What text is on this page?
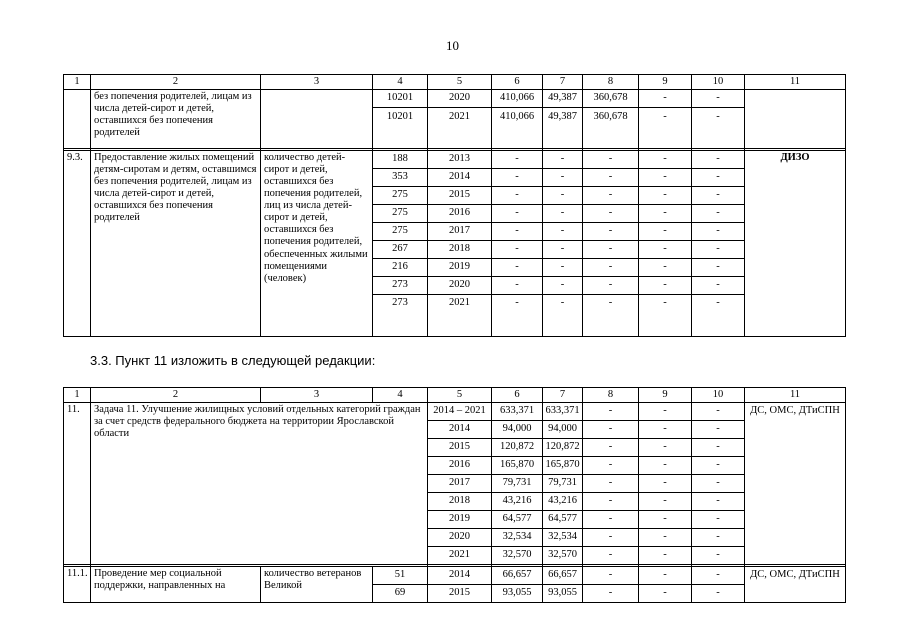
10
1	2	3	4	5	6	7	8	9	10	11
	без попечения родителей, лицам из числа детей-сирот и детей, оставшихся без попечения родителей		10201	2020	410,066	49,387	360,678	-	-	
			10201	2021	410,066	49,387	360,678	-	-	

9.3.	Предоставление жилых помещений детям-сиротам и детям, оставшимся без попечения родителей, лицам из числа детей-сирот и детей, оставшихся без попечения родителей	количество детей-сирот и детей, оставшихся без попечения родителей, лиц из числа детей-сирот и детей, оставшихся без попечения родителей, обеспеченных жилыми помещениями (человек)	188	2013	-	-	-	-	-	ДИЗО
			353	2014	-	-	-	-	-	
			275	2015	-	-	-	-	-	
			275	2016	-	-	-	-	-	
			275	2017	-	-	-	-	-	
			267	2018	-	-	-	-	-	
			216	2019	-	-	-	-	-	
			273	2020	-	-	-	-	-	
			273	2021	-	-	-	-	-	
3.3. Пункт 11 изложить в следующей редакции:
1	2	3	4	5	6	7	8	9	10	11
11.	Задача 11. Улучшение жилищных условий отдельных категорий граждан за счет средств федерального бюджета на территории Ярославской области			2014 – 2021	633,371	633,371	-	-	-	ДС, ОМС, ДТиСПН
				2014	94,000	94,000	-	-	-	
				2015	120,872	120,872	-	-	-	
				2016	165,870	165,870	-	-	-	
				2017	79,731	79,731	-	-	-	
				2018	43,216	43,216	-	-	-	
				2019	64,577	64,577	-	-	-	
				2020	32,534	32,534	-	-	-	
				2021	32,570	32,570	-	-	-	

11.1.	Проведение мер социальной поддержки, направленных на	количество ветеранов Великой	51	2014	66,657	66,657	-	-	-	ДС, ОМС, ДТиСПН
			69	2015	93,055	93,055	-	-	-	
